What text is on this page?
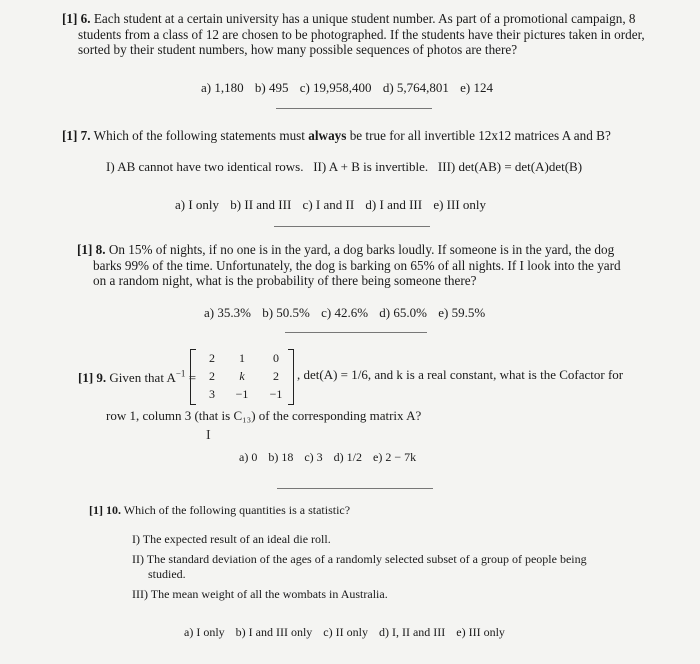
[1] 6. Each student at a certain university has a unique student number. As part of a promotional campaign, 8 students from a class of 12 are chosen to be photographed. If the students have their pictures taken in order, sorted by their student numbers, how many possible sequences of photos are there?
a) 1,180 b) 495 c) 19,958,400 d) 5,764,801 e) 124
[1] 7. Which of the following statements must always be true for all invertible 12x12 matrices A and B?
I) AB cannot have two identical rows.   II) A + B is invertible.   III) det(AB) = det(A)det(B)
a) I only b) II and III c) I and II d) I and III e) III only
[1] 8. On 15% of nights, if no one is in the yard, a dog barks loudly. If someone is in the yard, the dog barks 99% of the time. Unfortunately, the dog is barking on 65% of all nights. If I look into the yard on a random night, what is the probability of there being someone there?
a) 35.3% b) 50.5% c) 42.6% d) 65.0% e) 59.5%
[1] 9. Given that $A^{-1}$ =
2	1	0
2	k	2
3	−1	−1
, det(A) = 1/6, and k is a real constant, what is the Cofactor for
row 1, column 3 (that is C₁₃) of the corresponding matrix A?
I
a) 0 b) 18 c) 3 d) 1/2 e) 2 − 7k
[1] 10. Which of the following quantities is a statistic?
I) The expected result of an ideal die roll.
II) The standard deviation of the ages of a randomly selected subset of a group of people being
studied.
III) The mean weight of all the wombats in Australia.
a) I only b) I and III only c) II only d) I, II and III e) III only
